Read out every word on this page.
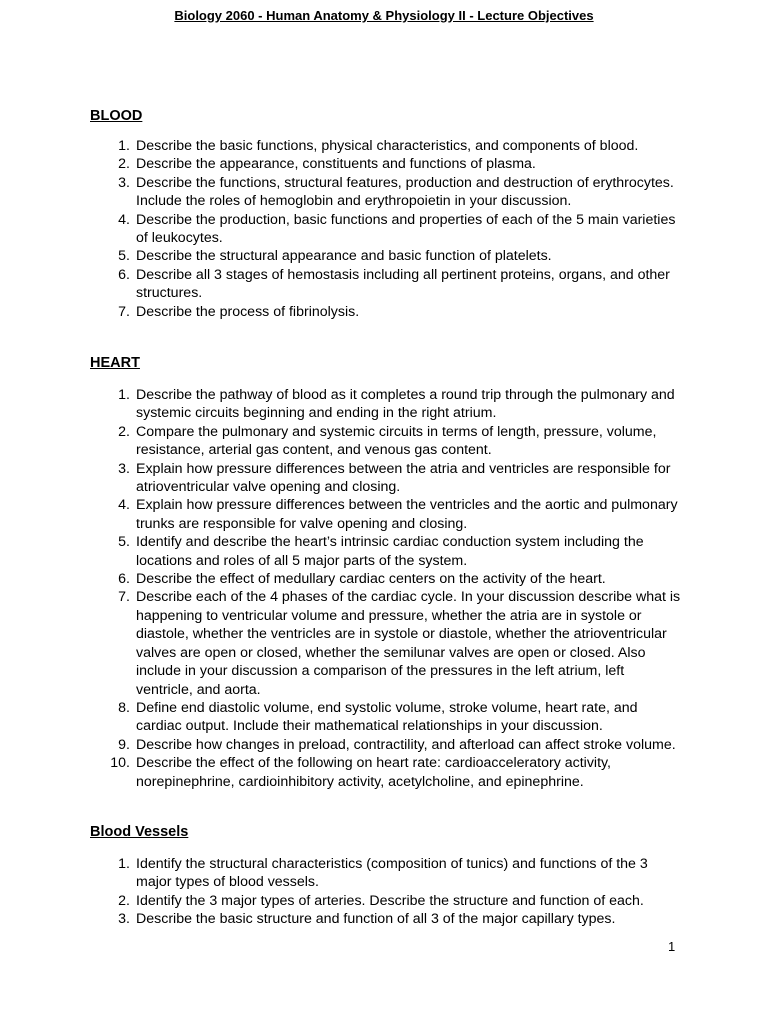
Biology 2060 - Human Anatomy & Physiology II - Lecture Objectives
BLOOD
1. Describe the basic functions, physical characteristics, and components of blood.
2. Describe the appearance, constituents and functions of plasma.
3. Describe the functions, structural features, production and destruction of erythrocytes. Include the roles of hemoglobin and erythropoietin in your discussion.
4. Describe the production, basic functions and properties of each of the 5 main varieties of leukocytes.
5. Describe the structural appearance and basic function of platelets.
6. Describe all 3 stages of hemostasis including all pertinent proteins, organs, and other structures.
7. Describe the process of fibrinolysis.
HEART
1. Describe the pathway of blood as it completes a round trip through the pulmonary and systemic circuits beginning and ending in the right atrium.
2. Compare the pulmonary and systemic circuits in terms of length, pressure, volume, resistance, arterial gas content, and venous gas content.
3. Explain how pressure differences between the atria and ventricles are responsible for atrioventricular valve opening and closing.
4. Explain how pressure differences between the ventricles and the aortic and pulmonary trunks are responsible for valve opening and closing.
5. Identify and describe the heart’s intrinsic cardiac conduction system including the locations and roles of all 5 major parts of the system.
6. Describe the effect of medullary cardiac centers on the activity of the heart.
7. Describe each of the 4 phases of the cardiac cycle. In your discussion describe what is happening to ventricular volume and pressure, whether the atria are in systole or diastole, whether the ventricles are in systole or diastole, whether the atrioventricular valves are open or closed, whether the semilunar valves are open or closed. Also include in your discussion a comparison of the pressures in the left atrium, left ventricle, and aorta.
8. Define end diastolic volume, end systolic volume, stroke volume, heart rate, and cardiac output. Include their mathematical relationships in your discussion.
9. Describe how changes in preload, contractility, and afterload can affect stroke volume.
10. Describe the effect of the following on heart rate: cardioacceleratory activity, norepinephrine, cardioinhibitory activity, acetylcholine, and epinephrine.
Blood Vessels
1. Identify the structural characteristics (composition of tunics) and functions of the 3 major types of blood vessels.
2. Identify the 3 major types of arteries. Describe the structure and function of each.
3. Describe the basic structure and function of all 3 of the major capillary types.
1
